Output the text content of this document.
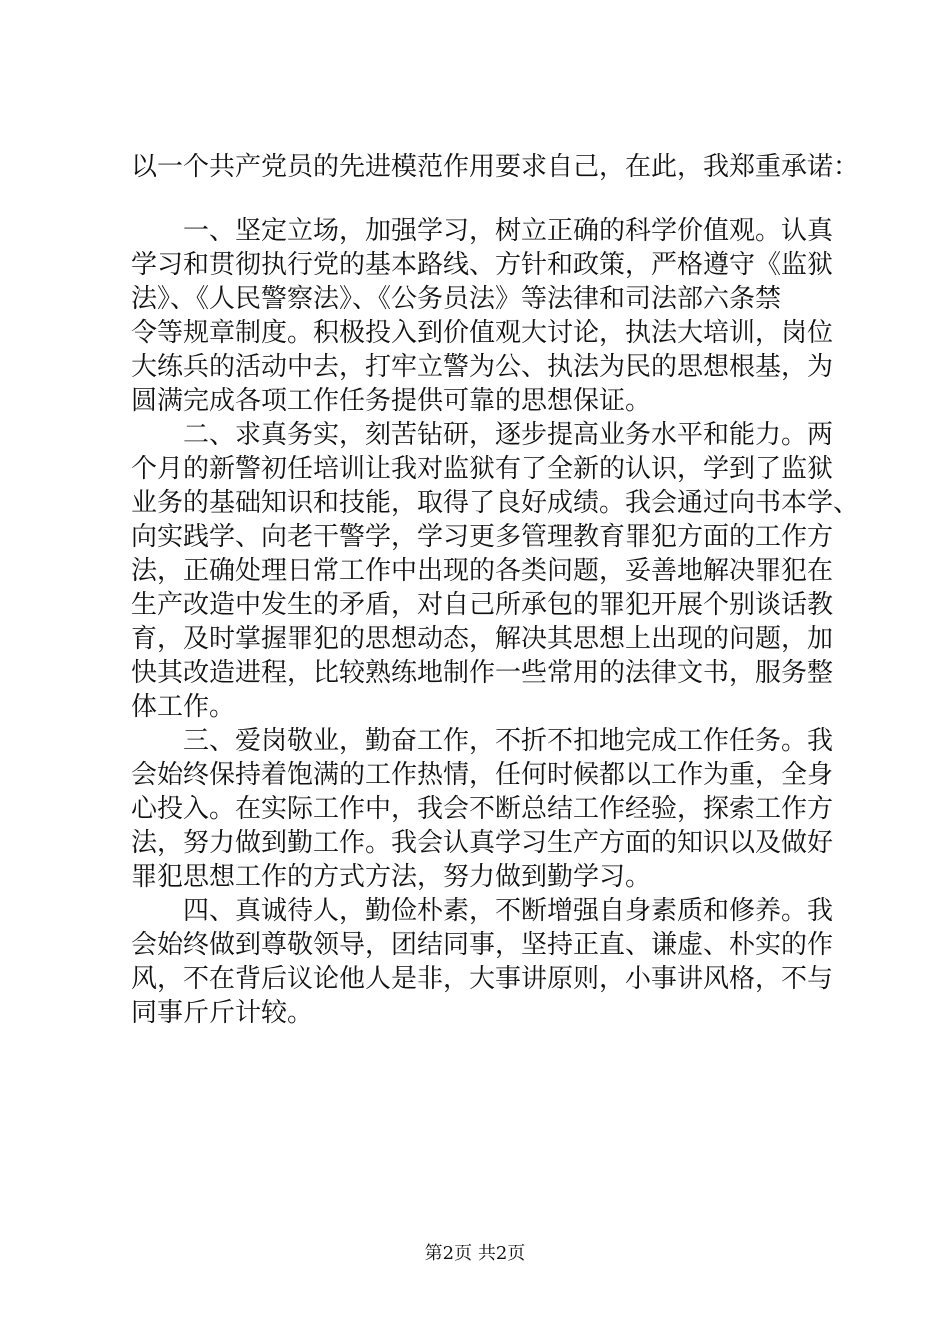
以一个共产党员的先进模范作用要求自己，在此，我郑重承诺：
　　一、坚定立场，加强学习，树立正确的科学价值观。认真
学习和贯彻执行党的基本路线、方针和政策，严格遵守《监狱
法》、《人民警察法》、《公务员法》等法律和司法部六条禁
令等规章制度。积极投入到价值观大讨论，执法大培训，岗位
大练兵的活动中去，打牢立警为公、执法为民的思想根基，为
圆满完成各项工作任务提供可靠的思想保证。
　　二、求真务实，刻苦钻研，逐步提高业务水平和能力。两
个月的新警初任培训让我对监狱有了全新的认识，学到了监狱
业务的基础知识和技能，取得了良好成绩。我会通过向书本学、
向实践学、向老干警学，学习更多管理教育罪犯方面的工作方
法，正确处理日常工作中出现的各类问题，妥善地解决罪犯在
生产改造中发生的矛盾，对自己所承包的罪犯开展个别谈话教
育，及时掌握罪犯的思想动态，解决其思想上出现的问题，加
快其改造进程，比较熟练地制作一些常用的法律文书，服务整
体工作。
　　三、爱岗敬业，勤奋工作，不折不扣地完成工作任务。我
会始终保持着饱满的工作热情，任何时候都以工作为重，全身
心投入。在实际工作中，我会不断总结工作经验，探索工作方
法，努力做到勤工作。我会认真学习生产方面的知识以及做好
罪犯思想工作的方式方法，努力做到勤学习。
　　四、真诚待人，勤俭朴素，不断增强自身素质和修养。我
会始终做到尊敬领导，团结同事，坚持正直、谦虚、朴实的作
风，不在背后议论他人是非，大事讲原则，小事讲风格，不与
同事斤斤计较。
第2页 共2页
